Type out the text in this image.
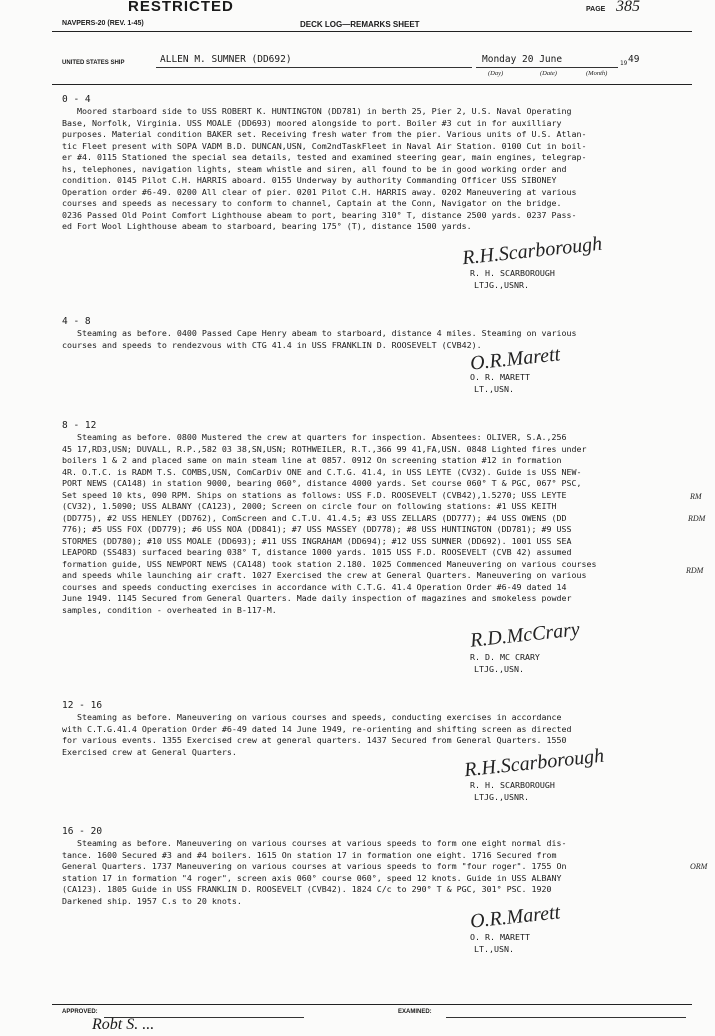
RESTRICTED
NAVPERS-20 (REV. 1-45)	DECK LOG—REMARKS SHEET
PAGE 385
UNITED STATES SHIP	ALLEN M. SUMNER (DD692)	Monday 20 June	19 49
(Day)	(Date)	(Month)
0 - 4
Moored starboard side to USS ROBERT K. HUNTINGTON (DD781) in berth 25, Pier 2, U.S. Naval Operating
Base, Norfolk, Virginia. USS MOALE (DD693) moored alongside to port. Boiler #3 cut in for auxilliary
purposes. Material condition BAKER set. Receiving fresh water from the pier. Various units of U.S. Atlan-
tic Fleet present with SOPA VADM B.D. DUNCAN,USN, Com2ndTaskFleet in Naval Air Station. 0100 Cut in boil-
er #4. 0115 Stationed the special sea details, tested and examined steering gear, main engines, telegrap-
hs, telephones, navigation lights, steam whistle and siren, all found to be in good working order and
condition. 0145 Pilot C.H. HARRIS aboard. 0155 Underway by authority Commanding Officer USS SIBONEY
Operation order #6-49. 0200 All clear of pier. 0201 Pilot C.H. HARRIS away. 0202 Maneuvering at various
courses and speeds as necessary to conform to channel, Captain at the Conn, Navigator on the bridge.
0236 Passed Old Point Comfort Lighthouse abeam to port, bearing 310° T, distance 2500 yards. 0237 Pass-
ed Fort Wool Lighthouse abeam to starboard, bearing 175° (T), distance 1500 yards.
R.H.Scarborough
R. H. SCARBOROUGH
LTJG.,USNR.
4 - 8
Steaming as before. 0400 Passed Cape Henry abeam to starboard, distance 4 miles. Steaming on various
courses and speeds to rendezvous with CTG 41.4 in USS FRANKLIN D. ROOSEVELT (CVB42).
O.R.Marett
O. R. MARETT
LT.,USN.
8 - 12
Steaming as before. 0800 Mustered the crew at quarters for inspection. Absentees: OLIVER, S.A.,256
45 17,RD3,USN; DUVALL, R.P.,582 03 38,SN,USN; ROTHWEILER, R.T.,366 99 41,FA,USN. 0848 Lighted fires under
boilers 1 & 2 and placed same on main steam line at 0857. 0912 On screening station #12 in formation
4R. O.T.C. is RADM T.S. COMBS,USN, ComCarDiv ONE and C.T.G. 41.4, in USS LEYTE (CV32). Guide is USS NEW-
PORT NEWS (CA148) in station 9000, bearing 060°, distance 4000 yards. Set course 060° T & PGC, 067° PSC,
Set speed 10 kts, 090 RPM. Ships on stations as follows: USS F.D. ROOSEVELT (CVB42),1.5270; USS LEYTE
(CV32), 1.5090; USS ALBANY (CA123), 2000; Screen on circle four on following stations: #1 USS KEITH
(DD775), #2 USS HENLEY (DD762), ComScreen and C.T.U. 41.4.5; #3 USS ZELLARS (DD777); #4 USS OWENS (DD
776); #5 USS FOX (DD779); #6 USS NOA (DD841); #7 USS MASSEY (DD778); #8 USS HUNTINGTON (DD781); #9 USS
STORMES (DD780); #10 USS MOALE (DD693); #11 USS INGRAHAM (DD694); #12 USS SUMNER (DD692). 1001 USS SEA
LEAPORD (SS483) surfaced bearing 038° T, distance 1000 yards. 1015 USS F.D. ROOSEVELT (CVB 42) assumed
formation guide, USS NEWPORT NEWS (CA148) took station 2.180. 1025 Commenced Maneuvering on various courses
and speeds while launching air craft. 1027 Exercised the crew at General Quarters. Maneuvering on various
courses and speeds conducting exercises in accordance with C.T.G. 41.4 Operation Order #6-49 dated 14
June 1949. 1145 Secured from General Quarters. Made daily inspection of magazines and smokeless powder
samples, condition - overheated in B-117-M.
RM
RDM
RDM
R.D.McCrary
R. D. MC CRARY
LTJG.,USN.
12 - 16
Steaming as before. Maneuvering on various courses and speeds, conducting exercises in accordance
with C.T.G.41.4 Operation Order #6-49 dated 14 June 1949, re-orienting and shifting screen as directed
for various events. 1355 Exercised crew at general quarters. 1437 Secured from General Quarters. 1550
Exercised crew at General Quarters.	R.H.Scarborough
R. H. SCARBOROUGH
LTJG.,USNR.
16 - 20
Steaming as before. Maneuvering on various courses at various speeds to form one eight normal dis-
tance. 1600 Secured #3 and #4 boilers. 1615 On station 17 in formation one eight. 1716 Secured from
General Quarters. 1737 Maneuvering on various courses at various speeds to form "four roger". 1755 On
station 17 in formation "4 roger", screen axis 060° course 060°, speed 12 knots. Guide in USS ALBANY
(CA123). 1805 Guide in USS FRANKLIN D. ROOSEVELT (CVB42). 1824 C/c to 290° T & PGC, 301° PSC. 1920
Darkened ship. 1957 C.s to 20 knots.
ORM
O.R.Marett
O. R. MARETT
LT.,USN.
APPROVED:	EXAMINED:
Robt S. ...
